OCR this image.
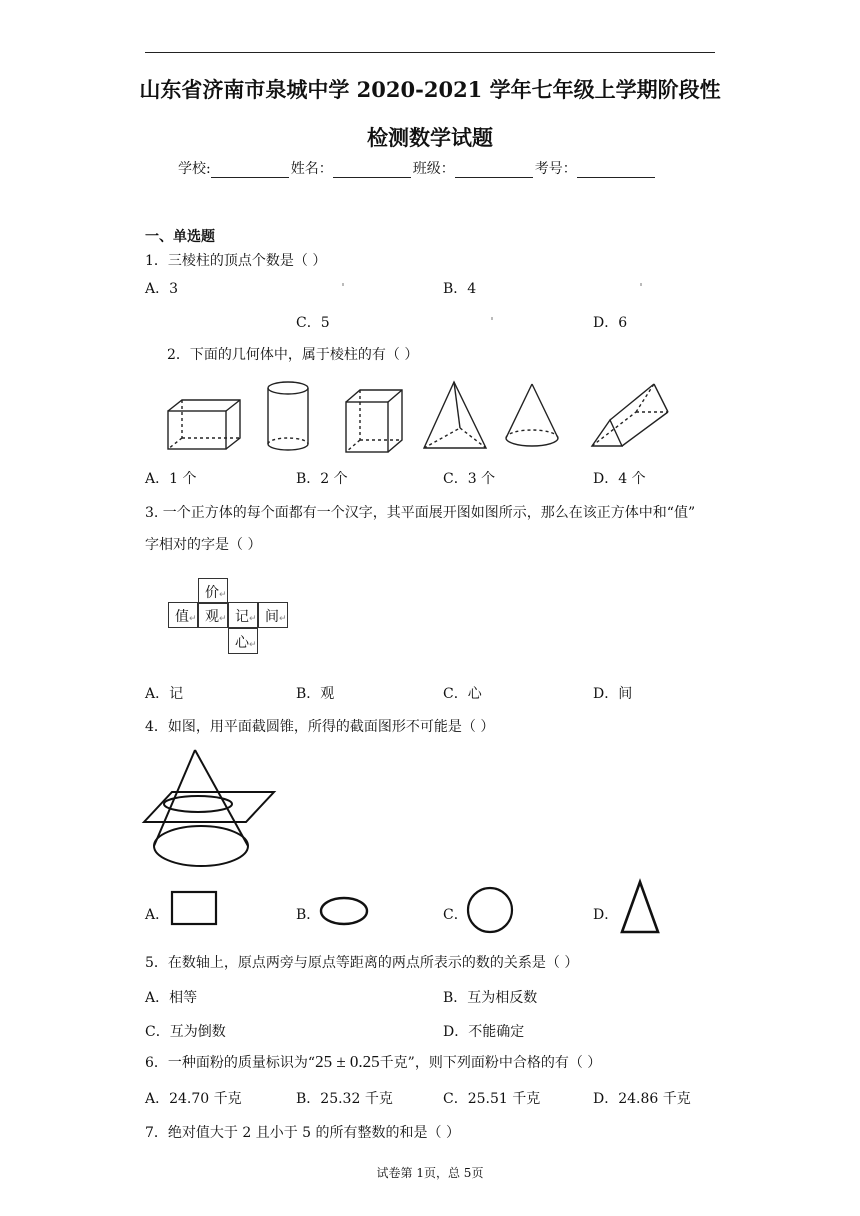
山东省济南市泉城中学 2020-2021 学年七年级上学期阶段性
检测数学试题
学校:	姓名：	班级：	考号：
一、单选题
1．三棱柱的顶点个数是（ ）
A．3	B．4
C．5	D．6
2．下面的几何体中，属于棱柱的有（ ）
A．1 个	B．2 个	C．3 个	D．4 个
3. 一个正方体的每个面都有一个汉字，其平面展开图如图所示，那么在该正方体中和“值”
字相对的字是（ ）
价↵
值↵ 观↵ 记↵ 间↵
心↵
A．记	B．观	C．心	D．间
4．如图，用平面截圆锥，所得的截面图形不可能是（ ）
A．	B．	C．	D．
5．在数轴上，原点两旁与原点等距离的两点所表示的数的关系是（ ）
A．相等	B．互为相反数
C．互为倒数	D．不能确定
6．一种面粉的质量标识为“25 ± 0.25千克”，则下列面粉中合格的有（ ）
A．24.70 千克	B．25.32 千克	C．25.51 千克	D．24.86 千克
7．绝对值大于 2 且小于 5 的所有整数的和是（ ）
试卷第 1页，总 5页
